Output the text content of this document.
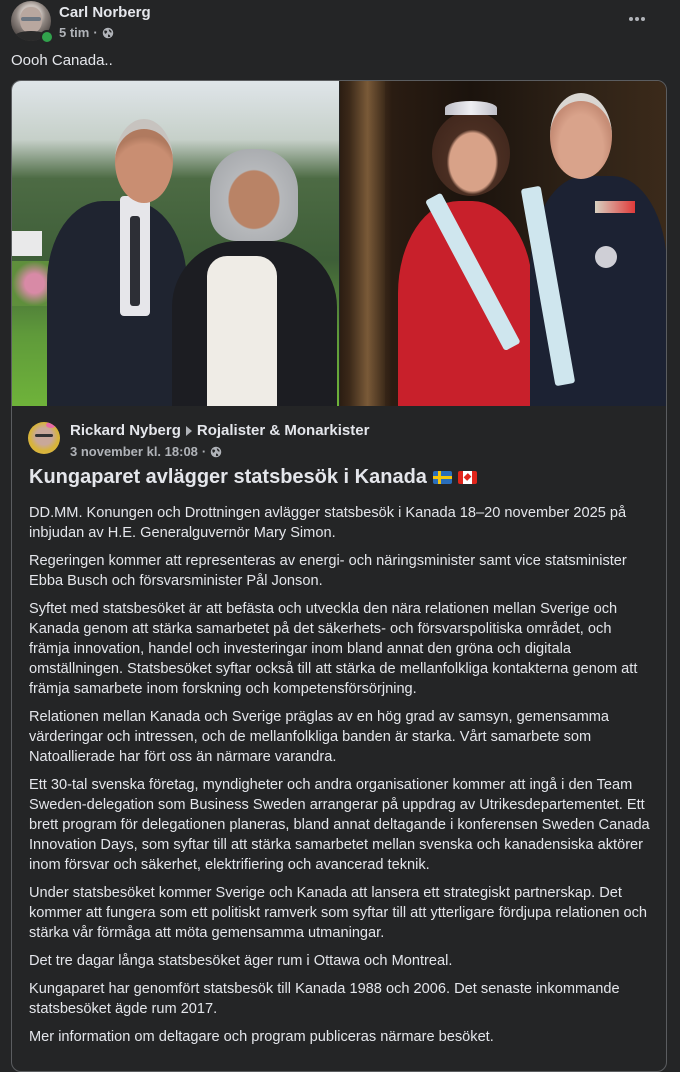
Carl Norberg
5 tim ·
Oooh Canada..
Rickard Nyberg Rojalister & Monarkister
3 november kl. 18:08 ·
Kungaparet avlägger statsbesök i Kanada

DD.MM. Konungen och Drottningen avlägger statsbesök i Kanada 18–20 november 2025 på inbjudan av H.E. Generalguvernör Mary Simon.

Regeringen kommer att representeras av energi- och näringsminister samt vice statsminister Ebba Busch och försvarsminister Pål Jonson.

Syftet med statsbesöket är att befästa och utveckla den nära relationen mellan Sverige och Kanada genom att stärka samarbetet på det säkerhets- och försvarspolitiska området, och främja innovation, handel och investeringar inom bland annat den gröna och digitala omställningen. Statsbesöket syftar också till att stärka de mellanfolkliga kontakterna genom att främja samarbete inom forskning och kompetensförsörjning.

Relationen mellan Kanada och Sverige präglas av en hög grad av samsyn, gemensamma värderingar och intressen, och de mellanfolkliga banden är starka. Vårt samarbete som Natoallierade har fört oss än närmare varandra.

Ett 30-tal svenska företag, myndigheter och andra organisationer kommer att ingå i den Team Sweden-delegation som Business Sweden arrangerar på uppdrag av Utrikesdepartementet. Ett brett program för delegationen planeras, bland annat deltagande i konferensen Sweden Canada Innovation Days, som syftar till att stärka samarbetet mellan svenska och kanadensiska aktörer inom försvar och säkerhet, elektrifiering och avancerad teknik.

Under statsbesöket kommer Sverige och Kanada att lansera ett strategiskt partnerskap. Det kommer att fungera som ett politiskt ramverk som syftar till att ytterligare fördjupa relationen och stärka vår förmåga att möta gemensamma utmaningar.

Det tre dagar långa statsbesöket äger rum i Ottawa och Montreal.

Kungaparet har genomfört statsbesök till Kanada 1988 och 2006. Det senaste inkommande statsbesöket ägde rum 2017.

Mer information om deltagare och program publiceras närmare besöket.
